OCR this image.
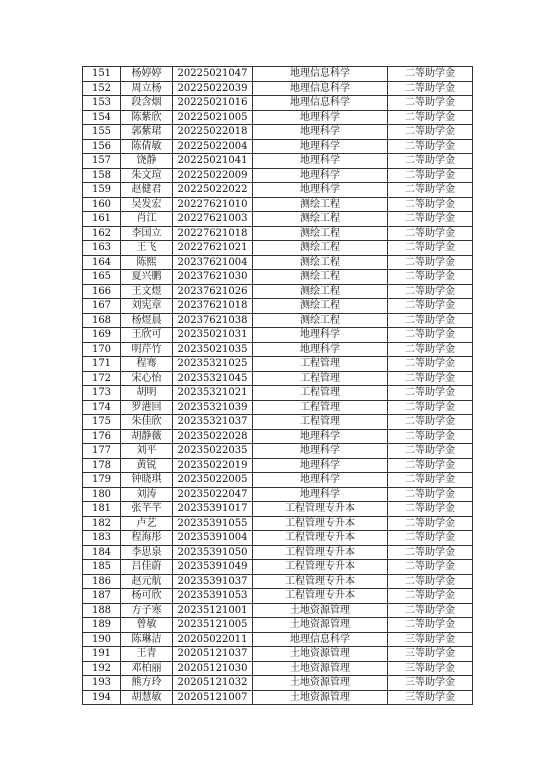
151	杨婷婷	20225021047	地理信息科学	二等助学金
152	周立杨	20225022039	地理信息科学	二等助学金
153	段含烟	20225021016	地理信息科学	二等助学金
154	陈紫欣	20225021005	地理科学	二等助学金
155	郭紫珺	20225022018	地理科学	二等助学金
156	陈倩敏	20225022004	地理科学	二等助学金
157	饶静	20225021041	地理科学	二等助学金
158	朱文瑄	20225022009	地理科学	二等助学金
159	赵健君	20225022022	地理科学	二等助学金
160	吴发宏	20227621010	测绘工程	二等助学金
161	肖江	20227621003	测绘工程	二等助学金
162	李国立	20227621018	测绘工程	二等助学金
163	王飞	20227621021	测绘工程	二等助学金
164	陈熙	20237621004	测绘工程	二等助学金
165	夏兴鹏	20237621030	测绘工程	二等助学金
166	王文煜	20237621026	测绘工程	二等助学金
167	刘宪章	20237621018	测绘工程	二等助学金
168	杨煜晨	20237621038	测绘工程	二等助学金
169	王欣可	20235021031	地理科学	二等助学金
170	明芹竹	20235021035	地理科学	二等助学金
171	程骞	20235321025	工程管理	二等助学金
172	宋心怡	20235321045	工程管理	二等助学金
173	胡明	20235321021	工程管理	二等助学金
174	罗港回	20235321039	工程管理	二等助学金
175	朱佳欣	20235321037	工程管理	二等助学金
176	胡静薇	20235022028	地理科学	二等助学金
177	刘平	20235022035	地理科学	二等助学金
178	黄锐	20235022019	地理科学	二等助学金
179	钟晓琪	20235022005	地理科学	二等助学金
180	刘涛	20235022047	地理科学	二等助学金
181	张芊芊	20235391017	工程管理专升本	二等助学金
182	卢艺	20235391055	工程管理专升本	二等助学金
183	程海彤	20235391004	工程管理专升本	二等助学金
184	李思泉	20235391050	工程管理专升本	二等助学金
185	吕佳蔚	20235391049	工程管理专升本	二等助学金
186	赵元航	20235391037	工程管理专升本	二等助学金
187	杨可欣	20235391053	工程管理专升本	二等助学金
188	方子寒	20235121001	土地资源管理	二等助学金
189	曾敏	20235121005	土地资源管理	二等助学金
190	陈琳洁	20205022011	地理信息科学	三等助学金
191	王青	20205121037	土地资源管理	三等助学金
192	邓柏丽	20205121030	土地资源管理	三等助学金
193	熊方玲	20205121032	土地资源管理	三等助学金
194	胡慧敏	20205121007	土地资源管理	三等助学金
